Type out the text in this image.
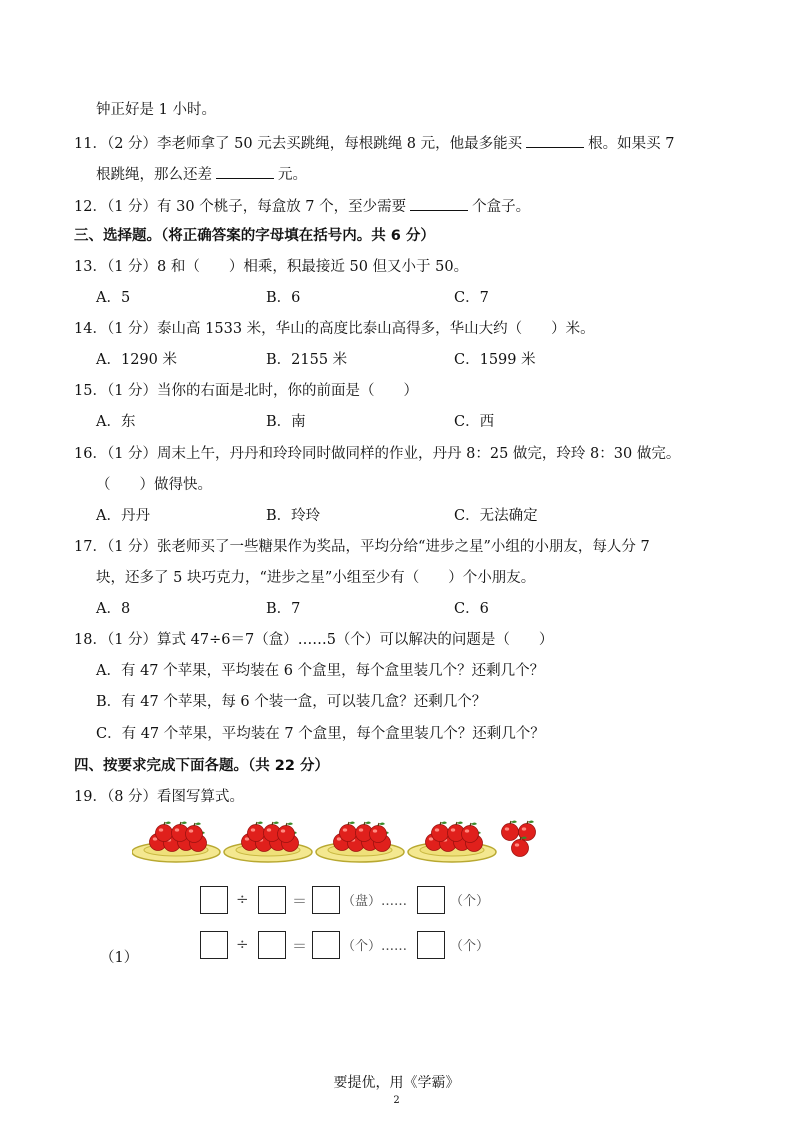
钟正好是 1 小时。
11．（2 分）李老师拿了 50 元去买跳绳，每根跳绳 8 元，他最多能买	根。如果买 7
根跳绳，那么还差	元。
12．（1 分）有 30 个桃子，每盒放 7 个，至少需要	个盒子。
三、选择题。（将正确答案的字母填在括号内。共 6 分）
13．（1 分）8 和（　　）相乘，积最接近 50 但又小于 50。
A．5	B．6	C．7
14．（1 分）泰山高 1533 米，华山的高度比泰山高得多，华山大约（　　）米。
A．1290 米	B．2155 米	C．1599 米
15．（1 分）当你的右面是北时，你的前面是（　　）
A．东	B．南	C．西
16．（1 分）周末上午，丹丹和玲玲同时做同样的作业，丹丹 8：25 做完，玲玲 8：30 做完。
（　　）做得快。
A．丹丹	B．玲玲	C．无法确定
17．（1 分）张老师买了一些糖果作为奖品，平均分给“进步之星”小组的小朋友，每人分 7
块，还多了 5 块巧克力，“进步之星”小组至少有（　　）个小朋友。
A．8	B．7	C．6
18．（1 分）算式 47÷6＝7（盒）……5（个）可以解决的问题是（　　）
A．有 47 个苹果，平均装在 6 个盒里，每个盒里装几个？还剩几个？
B．有 47 个苹果，每 6 个装一盒，可以装几盒？还剩几个？
C．有 47 个苹果，平均装在 7 个盒里，每个盒里装几个？还剩几个？
四、按要求完成下面各题。（共 22 分）
19．（8 分）看图写算式。
÷	＝	（盘）……	（个）
÷	＝	（个）……	（个）
（1）
要提优，用《学霸》
2
